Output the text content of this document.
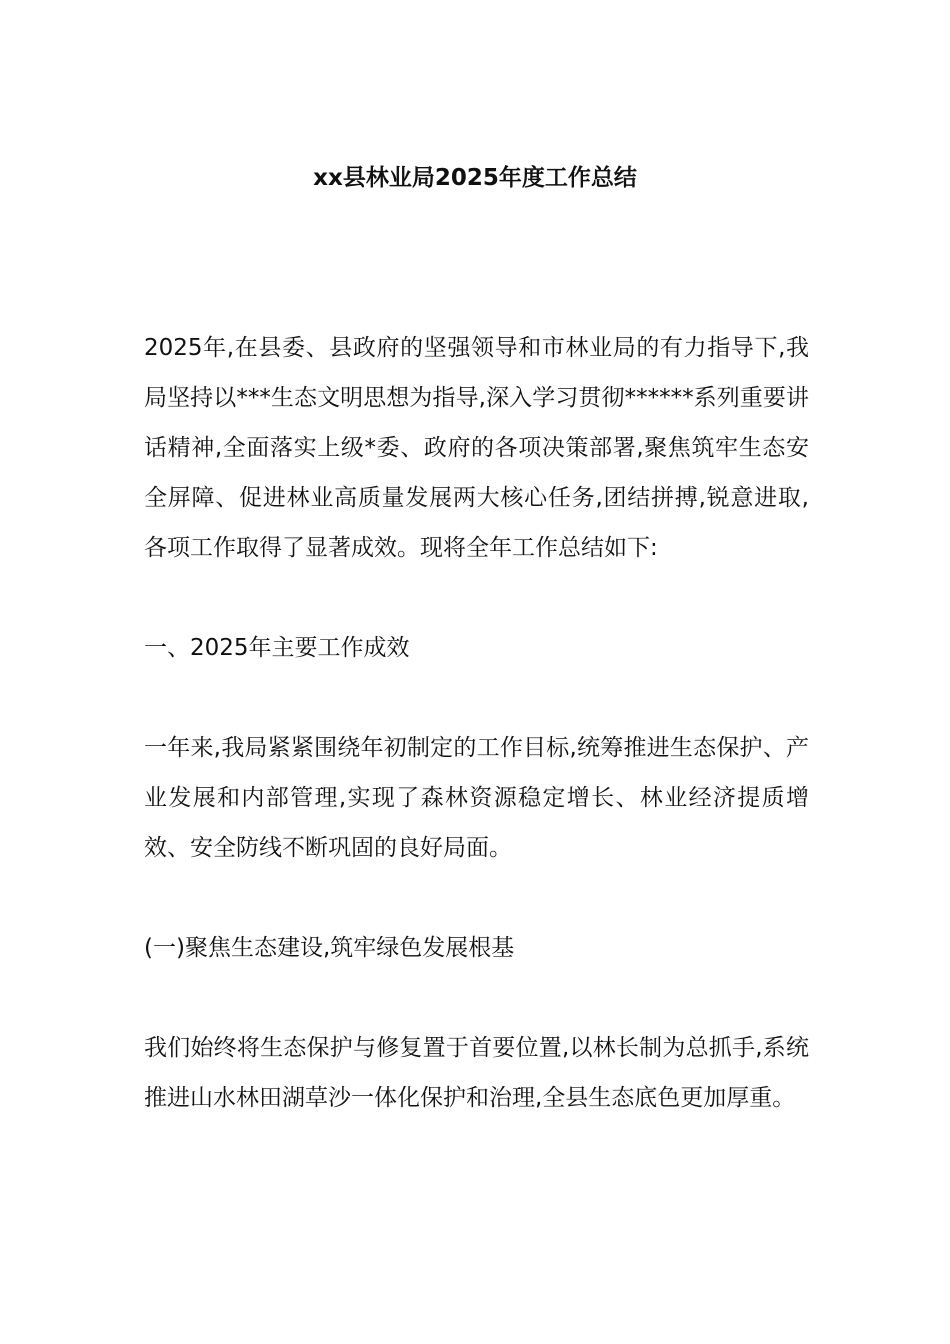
xx县林业局2025年度工作总结

2025年,在县委、县政府的坚强领导和市林业局的有力指导下,我局坚持以***生态文明思想为指导,深入学习贯彻******系列重要讲话精神,全面落实上级*委、政府的各项决策部署,聚焦筑牢生态安全屏障、促进林业高质量发展两大核心任务,团结拼搏,锐意进取,各项工作取得了显著成效。现将全年工作总结如下:

一、2025年主要工作成效

一年来,我局紧紧围绕年初制定的工作目标,统筹推进生态保护、产业发展和内部管理,实现了森林资源稳定增长、林业经济提质增效、安全防线不断巩固的良好局面。

(一)聚焦生态建设,筑牢绿色发展根基

我们始终将生态保护与修复置于首要位置,以林长制为总抓手,系统推进山水林田湖草沙一体化保护和治理,全县生态底色更加厚重。
